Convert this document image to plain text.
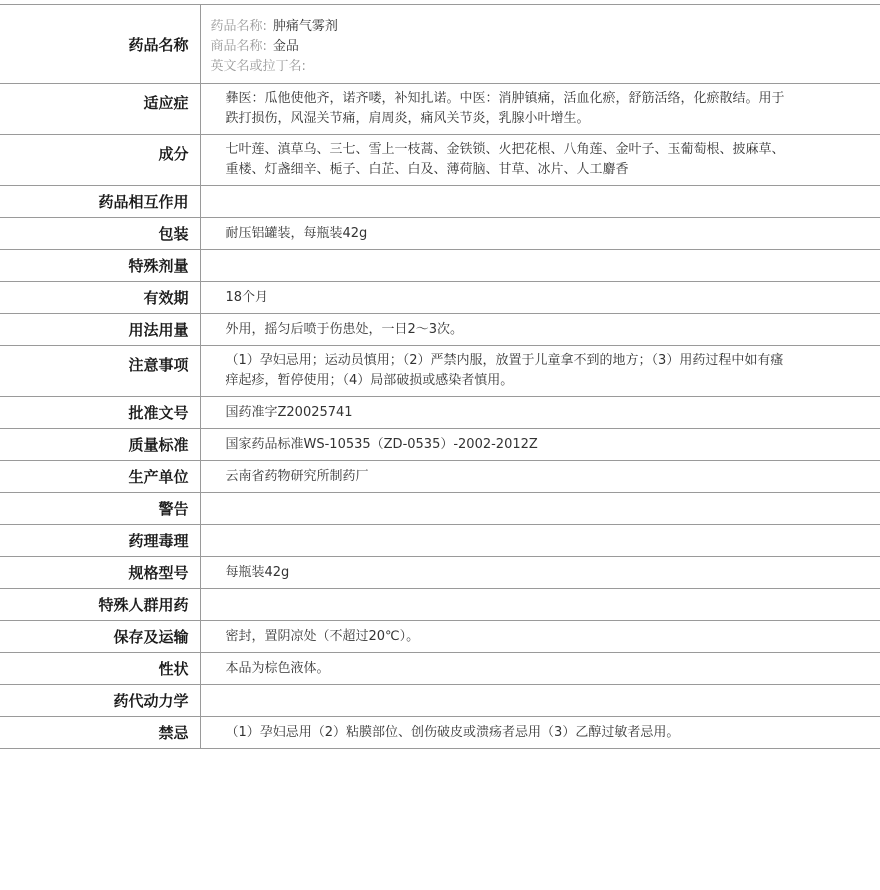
药品名称	药品名称: 肿痛气雾剂
商品名称: 金品
英文名或拉丁名:

适应症	彝医：瓜他使他齐，诺齐喽，补知扎诺。中医：消肿镇痛，活血化瘀，舒筋活络，化瘀散结。用于跌打损伤，风湿关节痛，肩周炎，痛风关节炎，乳腺小叶增生。
成分	七叶莲、滇草乌、三七、雪上一枝蒿、金铁锁、火把花根、八角莲、金叶子、玉葡萄根、披麻草、重楼、灯盏细辛、栀子、白芷、白及、薄荷脑、甘草、冰片、人工麝香
药品相互作用	
包装	耐压铝罐装，每瓶装42g
特殊剂量	
有效期	18个月
用法用量	外用，摇匀后喷于伤患处，一日2～3次。
注意事项	（1）孕妇忌用；运动员慎用；（2）严禁内服，放置于儿童拿不到的地方；（3）用药过程中如有瘙痒起疹，暂停使用；（4）局部破损或感染者慎用。
批准文号	国药准字Z20025741
质量标准	国家药品标准WS-10535（ZD-0535）-2002-2012Z
生产单位	云南省药物研究所制药厂
警告	
药理毒理	
规格型号	每瓶装42g
特殊人群用药	
保存及运输	密封，置阴凉处（不超过20℃）。
性状	本品为棕色液体。
药代动力学	
禁忌	（1）孕妇忌用（2）粘膜部位、创伤破皮或溃疡者忌用（3）乙醇过敏者忌用。
